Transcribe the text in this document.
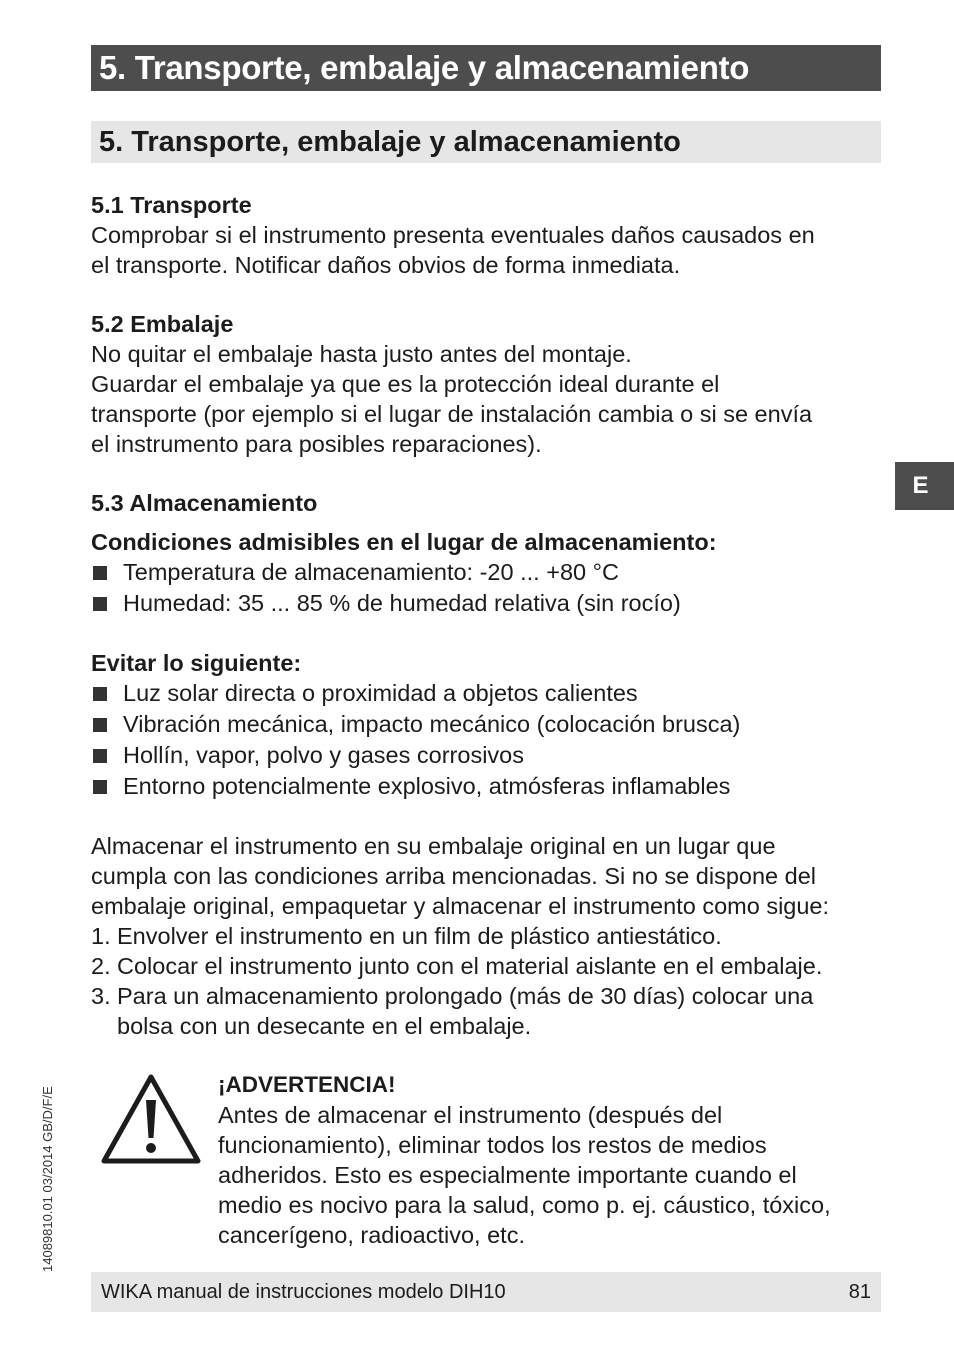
5. Transporte, embalaje y almacenamiento
5. Transporte, embalaje y almacenamiento
5.1 Transporte

Comprobar si el instrumento presenta eventuales daños causados en

el transporte. Notificar daños obvios de forma inmediata.

5.2 Embalaje

No quitar el embalaje hasta justo antes del montaje.

Guardar el embalaje ya que es la protección ideal durante el

transporte (por ejemplo si el lugar de instalación cambia o si se envía

el instrumento para posibles reparaciones).

5.3 Almacenamiento
Condiciones admisibles en el lugar de almacenamiento:
Temperatura de almacenamiento: -20 ... +80 °C
Humedad: 35 ... 85 % de humedad relativa (sin rocío)
Evitar lo siguiente:
Luz solar directa o proximidad a objetos calientes
Vibración mecánica, impacto mecánico (colocación brusca)
Hollín, vapor, polvo y gases corrosivos
Entorno potencialmente explosivo, atmósferas inflamables

Almacenar el instrumento en su embalaje original en un lugar que

cumpla con las condiciones arriba mencionadas. Si no se dispone del

embalaje original, empaquetar y almacenar el instrumento como sigue:

1. Envolver el instrumento en un film de plástico antiestático.
2. Colocar el instrumento junto con el material aislante en el embalaje.
3. Para un almacenamiento prolongado (más de 30 días) colocar una
bolsa con un desecante en el embalaje.
¡ADVERTENCIA!

Antes de almacenar el instrumento (después del

funcionamiento), eliminar todos los restos de medios

adheridos. Esto es especialmente importante cuando el

medio es nocivo para la salud, como p. ej. cáustico, tóxico,

cancerígeno, radioactivo, etc.

E
14089810.01 03/2014 GB/D/F/E
WIKA manual de instrucciones modelo DIH10	81
